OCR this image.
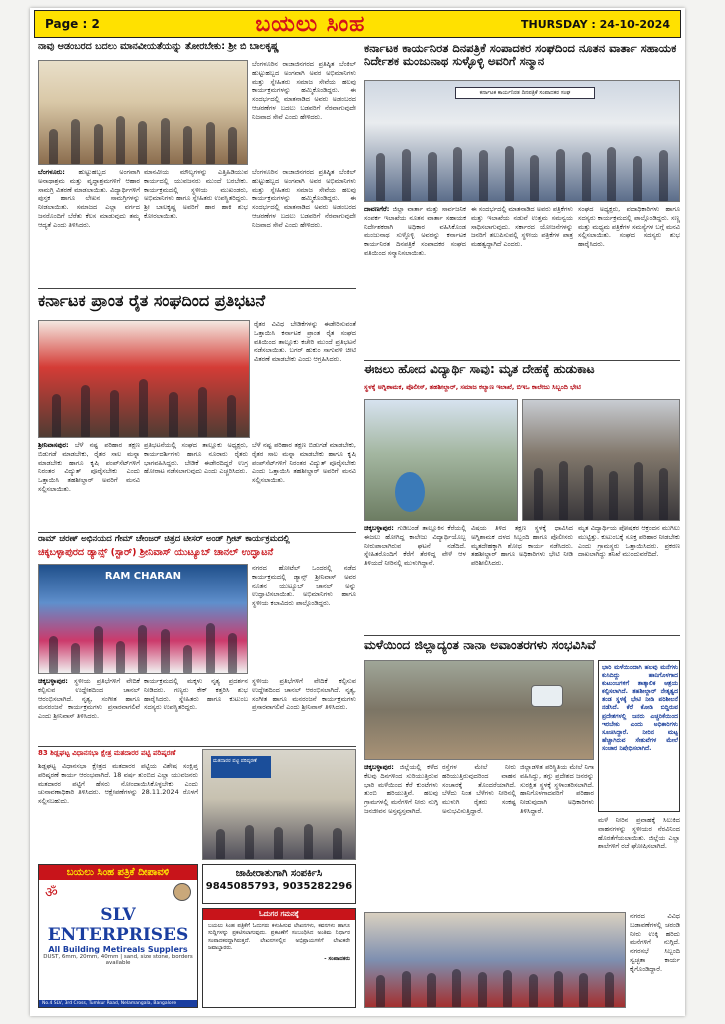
Page : 2	ಬಯಲು ಸಿಂಹ	THURSDAY : 24-10-2024
ನಾವು ಆಡಂಬರದ ಬದಲು ಮಾನವೀಯತೆಯನ್ನು ತೋರಬೇಕು: ಶ್ರೀ ಬಿ ಬಾಲಕೃಷ್ಣ
ಬೆಂಗಳೂರಿನ ರಾಜಾಜಿನಗರದ ಪ್ರತಿಷ್ಠಿತ ಬೆಂಕಿಲ್ ಹುಟ್ಟುಹಬ್ಬದ ಅಂಗವಾಗಿ ಅವರ ಅಭಿಮಾನಿಗಳು ಮತ್ತು ಸ್ನೇಹಿತರು ಸಮಾಜ ಸೇವೆಯ ಹಲವು ಕಾರ್ಯಕ್ರಮಗಳನ್ನು ಹಮ್ಮಿಕೊಂಡಿದ್ದರು. ಈ ಸಂದರ್ಭದಲ್ಲಿ ಮಾತನಾಡಿದ ಅವರು ಅಡಂಬರದ ಆಚರಣೆಗಳ ಬದಲು ಬಡವರಿಗೆ ನೆರವಾಗುವುದೇ ನಿಜವಾದ ಸೇವೆ ಎಂದು ಹೇಳಿದರು.
ಬೆಂಗಳೂರು: ಹುಟ್ಟುಹಬ್ಬದ ಅಂಗವಾಗಿ ಅನಾಥಾಶ್ರಮ ಮತ್ತು ವೃದ್ಧಾಶ್ರಮಗಳಿಗೆ ಆಹಾರ ಸಾಮಗ್ರಿ ವಿತರಣೆ ಮಾಡಲಾಯಿತು. ವಿದ್ಯಾರ್ಥಿಗಳಿಗೆ ಪುಸ್ತಕ ಹಾಗೂ ಲೇಖನ ಸಾಮಗ್ರಿಗಳನ್ನು ನೀಡಲಾಯಿತು. ಸಮಾಜದ ಎಲ್ಲಾ ವರ್ಗದ ಜನರೊಂದಿಗೆ ಬೆರೆತು ಕೆಲಸ ಮಾಡುವುದು ತಮ್ಮ ಆದ್ಯತೆ ಎಂದು ತಿಳಿಸಿದರು.
ಮಾನವೀಯ ಮೌಲ್ಯಗಳನ್ನು ಎತ್ತಿಹಿಡಿಯುವ ಕಾರ್ಯದಲ್ಲಿ ಯುವಜನರು ಮುಂದೆ ಬರಬೇಕು. ಕಾರ್ಯಕ್ರಮದಲ್ಲಿ ಸ್ಥಳೀಯ ಮುಖಂಡರು, ಅಭಿಮಾನಿಗಳು ಹಾಗೂ ಸ್ನೇಹಿತರು ಉಪಸ್ಥಿತರಿದ್ದರು. ಶ್ರೀ ಬಾಲಕೃಷ್ಣ ಅವರಿಗೆ ಹಾರ ಹಾಕಿ ಶುಭ ಕೋರಲಾಯಿತು.
ಬೆಂಗಳೂರಿನ ರಾಜಾಜಿನಗರದ ಪ್ರತಿಷ್ಠಿತ ಬೆಂಕಿಲ್ ಹುಟ್ಟುಹಬ್ಬದ ಅಂಗವಾಗಿ ಅವರ ಅಭಿಮಾನಿಗಳು ಮತ್ತು ಸ್ನೇಹಿತರು ಸಮಾಜ ಸೇವೆಯ ಹಲವು ಕಾರ್ಯಕ್ರಮಗಳನ್ನು ಹಮ್ಮಿಕೊಂಡಿದ್ದರು. ಈ ಸಂದರ್ಭದಲ್ಲಿ ಮಾತನಾಡಿದ ಅವರು ಅಡಂಬರದ ಆಚರಣೆಗಳ ಬದಲು ಬಡವರಿಗೆ ನೆರವಾಗುವುದೇ ನಿಜವಾದ ಸೇವೆ ಎಂದು ಹೇಳಿದರು.
ಕರ್ನಾಟಕ ಪ್ರಾಂತ ರೈತ ಸಂಘದಿಂದ ಪ್ರತಿಭಟನೆ
ರೈತರ ವಿವಿಧ ಬೇಡಿಕೆಗಳನ್ನು ಈಡೇರಿಸುವಂತೆ ಒತ್ತಾಯಿಸಿ ಕರ್ನಾಟಕ ಪ್ರಾಂತ ರೈತ ಸಂಘದ ವತಿಯಿಂದ ತಾಲ್ಲೂಕು ಕಚೇರಿ ಮುಂದೆ ಪ್ರತಿಭಟನೆ ನಡೆಸಲಾಯಿತು. ಬಗರ್ ಹುಕುಂ ಸಾಗುವಳಿ ಚೀಟಿ ವಿತರಣೆ ಮಾಡಬೇಕು ಎಂದು ಆಗ್ರಹಿಸಿದರು.
ಶ್ರೀನಿವಾಸಪುರ: ಬೆಳೆ ನಷ್ಟ ಪರಿಹಾರ ತಕ್ಷಣ ಬಿಡುಗಡೆ ಮಾಡಬೇಕು, ರೈತರ ಸಾಲ ಮನ್ನಾ ಮಾಡಬೇಕು ಹಾಗೂ ಕೃಷಿ ಪಂಪ್‌ಸೆಟ್‌ಗಳಿಗೆ ನಿರಂತರ ವಿದ್ಯುತ್ ಪೂರೈಸಬೇಕು ಎಂದು ಒತ್ತಾಯಿಸಿ ತಹಶೀಲ್ದಾರ್ ಅವರಿಗೆ ಮನವಿ ಸಲ್ಲಿಸಲಾಯಿತು.
ಪ್ರತಿಭಟನೆಯಲ್ಲಿ ಸಂಘದ ತಾಲ್ಲೂಕು ಅಧ್ಯಕ್ಷರು, ಕಾರ್ಯದರ್ಶಿಗಳು ಹಾಗೂ ನೂರಾರು ರೈತರು ಭಾಗವಹಿಸಿದ್ದರು. ಬೇಡಿಕೆ ಈಡೇರದಿದ್ದರೆ ಉಗ್ರ ಹೋರಾಟ ನಡೆಸಲಾಗುವುದು ಎಂದು ಎಚ್ಚರಿಸಿದರು.
ಬೆಳೆ ನಷ್ಟ ಪರಿಹಾರ ತಕ್ಷಣ ಬಿಡುಗಡೆ ಮಾಡಬೇಕು, ರೈತರ ಸಾಲ ಮನ್ನಾ ಮಾಡಬೇಕು ಹಾಗೂ ಕೃಷಿ ಪಂಪ್‌ಸೆಟ್‌ಗಳಿಗೆ ನಿರಂತರ ವಿದ್ಯುತ್ ಪೂರೈಸಬೇಕು ಎಂದು ಒತ್ತಾಯಿಸಿ ತಹಶೀಲ್ದಾರ್ ಅವರಿಗೆ ಮನವಿ ಸಲ್ಲಿಸಲಾಯಿತು.
ರಾಮ್ ಚರಣ್ ಅಭಿನಯದ ಗೇಮ್ ಚೇಂಜರ್ ಚಿತ್ರದ ಟೀಸರ್ ಅಂಡ್ ಗ್ರೀಟ್ ಕಾರ್ಯಕ್ರಮದಲ್ಲಿ
ಚಿಕ್ಕಬಳ್ಳಾಪುರದ ಡ್ಯಾನ್ಸ್ (ಸ್ಟಾರ್) ಶ್ರೀನಿವಾಸ್ ಯುಟ್ಯೂಬ್ ಚಾನಲ್ ಉದ್ಘಾಟನೆ
RAM CHARAN
ನಗರದ ಹೋಟೆಲ್ ಒಂದರಲ್ಲಿ ನಡೆದ ಕಾರ್ಯಕ್ರಮದಲ್ಲಿ ಡ್ಯಾನ್ಸ್ ಶ್ರೀನಿವಾಸ್ ಅವರ ನೂತನ ಯುಟ್ಯೂಬ್ ಚಾನಲ್ ಅನ್ನು ಉದ್ಘಾಟಿಸಲಾಯಿತು. ಅಭಿಮಾನಿಗಳು ಹಾಗೂ ಸ್ಥಳೀಯ ಕಲಾವಿದರು ಪಾಲ್ಗೊಂಡಿದ್ದರು.
ಚಿಕ್ಕಬಳ್ಳಾಪುರ: ಸ್ಥಳೀಯ ಪ್ರತಿಭೆಗಳಿಗೆ ವೇದಿಕೆ ಕಲ್ಪಿಸುವ ಉದ್ದೇಶದಿಂದ ಚಾನಲ್ ಆರಂಭಿಸಲಾಗಿದೆ. ನೃತ್ಯ, ಸಂಗೀತ ಹಾಗೂ ಮನರಂಜನೆ ಕಾರ್ಯಕ್ರಮಗಳು ಪ್ರಸಾರವಾಗಲಿವೆ ಎಂದು ಶ್ರೀನಿವಾಸ್ ತಿಳಿಸಿದರು.
ಕಾರ್ಯಕ್ರಮದಲ್ಲಿ ಮಕ್ಕಳು ನೃತ್ಯ ಪ್ರದರ್ಶನ ನೀಡಿದರು. ಗಣ್ಯರು ಕೇಕ್ ಕತ್ತರಿಸಿ ಶುಭ ಹಾರೈಸಿದರು. ಸ್ನೇಹಿತರು ಹಾಗೂ ಕುಟುಂಬ ಸದಸ್ಯರು ಉಪಸ್ಥಿತರಿದ್ದರು.
ಸ್ಥಳೀಯ ಪ್ರತಿಭೆಗಳಿಗೆ ವೇದಿಕೆ ಕಲ್ಪಿಸುವ ಉದ್ದೇಶದಿಂದ ಚಾನಲ್ ಆರಂಭಿಸಲಾಗಿದೆ. ನೃತ್ಯ, ಸಂಗೀತ ಹಾಗೂ ಮನರಂಜನೆ ಕಾರ್ಯಕ್ರಮಗಳು ಪ್ರಸಾರವಾಗಲಿವೆ ಎಂದು ಶ್ರೀನಿವಾಸ್ ತಿಳಿಸಿದರು.
83 ಶಿಡ್ಲಘಟ್ಟ ವಿಧಾನಸಭಾ ಕ್ಷೇತ್ರ ಮತದಾರರ ಪಟ್ಟಿ ಪರಿಷ್ಕರಣೆ
ಶಿಡ್ಲಘಟ್ಟ ವಿಧಾನಸಭಾ ಕ್ಷೇತ್ರದ ಮತದಾರರ ಪಟ್ಟಿಯ ವಿಶೇಷ ಸಂಕ್ಷಿಪ್ತ ಪರಿಷ್ಕರಣೆ ಕಾರ್ಯ ಆರಂಭವಾಗಿದೆ. 18 ವರ್ಷ ತುಂಬಿದ ಎಲ್ಲಾ ಯುವಜನರು ಮತದಾರರ ಪಟ್ಟಿಗೆ ಹೆಸರು ನೋಂದಾಯಿಸಿಕೊಳ್ಳಬೇಕು ಎಂದು ಚುನಾವಣಾಧಿಕಾರಿ ತಿಳಿಸಿದರು. ಆಕ್ಷೇಪಣೆಗಳನ್ನು 28.11.2024 ರೊಳಗೆ ಸಲ್ಲಿಸಬಹುದು.
ಮತದಾರರ ಪಟ್ಟಿ ಪರಿಷ್ಕರಣೆ
ಬಯಲು ಸಿಂಹ ಪತ್ರಿಕೆ ದೀಪಾವಳಿ
ॐ
SLV ENTERPRISES
All Building Metireals Supplers
DUST, 6mm, 20mm, 40mm | sand, size stone, borders available
No.4 SLV, 3rd Cross, Tumkur Road, Nelamangala, Bangalore
ಜಾಹೀರಾತುಗಾಗಿ ಸಂಪರ್ಕಿಸಿ
9845085793, 9035282296
ಓದುಗರ ಗಮನಕ್ಕೆ
ಬಯಲು ಸಿಂಹ ಪತ್ರಿಕೆಗೆ ಓದುಗರು ಕಳುಹಿಸುವ ಲೇಖನಗಳು, ಕವನಗಳು ಹಾಗೂ ಸುದ್ದಿಗಳನ್ನು ಪ್ರಕಟಿಸಲಾಗುವುದು. ಪ್ರಕಟಣೆಗೆ ಸಂಬಂಧಿಸಿದ ಅಂತಿಮ ನಿರ್ಧಾರ ಸಂಪಾದಕರದ್ದಾಗಿರುತ್ತದೆ. ಲೇಖನಗಳಲ್ಲಿನ ಅಭಿಪ್ರಾಯಗಳಿಗೆ ಲೇಖಕರೇ ಜವಾಬ್ದಾರರು.
- ಸಂಪಾದಕರು
ಕರ್ನಾಟಕ ಕಾರ್ಯನಿರತ ದಿನಪತ್ರಿಕೆ ಸಂಪಾದಕರ ಸಂಘದಿಂದ ನೂತನ ವಾರ್ತಾ ಸಹಾಯಕ ನಿರ್ದೇಶಕ ಮಂಜುನಾಥ ಸುಳ್ಳೊಳ್ಳಿ ಅವರಿಗೆ ಸನ್ಮಾನ
ಕರ್ನಾಟಕ ಕಾರ್ಯನಿರತ ದಿನಪತ್ರಿಕೆ ಸಂಪಾದಕರ ಸಂಘ
ದಾವಣಗೆರೆ: ಜಿಲ್ಲಾ ವಾರ್ತಾ ಮತ್ತು ಸಾರ್ವಜನಿಕ ಸಂಪರ್ಕ ಇಲಾಖೆಯ ನೂತನ ವಾರ್ತಾ ಸಹಾಯಕ ನಿರ್ದೇಶಕರಾಗಿ ಅಧಿಕಾರ ವಹಿಸಿಕೊಂಡ ಮಂಜುನಾಥ ಸುಳ್ಳೊಳ್ಳಿ ಅವರನ್ನು ಕರ್ನಾಟಕ ಕಾರ್ಯನಿರತ ದಿನಪತ್ರಿಕೆ ಸಂಪಾದಕರ ಸಂಘದ ವತಿಯಿಂದ ಸನ್ಮಾನಿಸಲಾಯಿತು.
ಈ ಸಂದರ್ಭದಲ್ಲಿ ಮಾತನಾಡಿದ ಅವರು ಪತ್ರಿಕೆಗಳು ಮತ್ತು ಇಲಾಖೆಯ ನಡುವೆ ಉತ್ತಮ ಸಮನ್ವಯ ಸಾಧಿಸಲಾಗುವುದು. ಸರ್ಕಾರದ ಯೋಜನೆಗಳನ್ನು ಜನರಿಗೆ ತಲುಪಿಸುವಲ್ಲಿ ಸ್ಥಳೀಯ ಪತ್ರಿಕೆಗಳ ಪಾತ್ರ ಮಹತ್ವದ್ದಾಗಿದೆ ಎಂದರು.
ಸಂಘದ ಅಧ್ಯಕ್ಷರು, ಪದಾಧಿಕಾರಿಗಳು ಹಾಗೂ ಸದಸ್ಯರು ಕಾರ್ಯಕ್ರಮದಲ್ಲಿ ಪಾಲ್ಗೊಂಡಿದ್ದರು. ಸಣ್ಣ ಮತ್ತು ಮಧ್ಯಮ ಪತ್ರಿಕೆಗಳ ಸಮಸ್ಯೆಗಳ ಬಗ್ಗೆ ಮನವಿ ಸಲ್ಲಿಸಲಾಯಿತು. ಸಂಘದ ಸದಸ್ಯರು ಶುಭ ಹಾರೈಸಿದರು.
ಈಜಲು ಹೋದ ವಿದ್ಯಾರ್ಥಿ ಸಾವು: ಮೃತ ದೇಹಕ್ಕೆ ಹುಡುಕಾಟ
ಸ್ಥಳಕ್ಕೆ ಅಗ್ನಿಶಾಮಕ, ಪೊಲೀಸ್, ತಹಶೀಲ್ದಾರ್, ಸಮಾಜ ಕಲ್ಯಾಣ ಇಲಾಖೆ, ಬಿಇಒ ಕಾಲೇಜು ಸಿಬ್ಬಂದಿ ಭೇಟಿ
ಚಿಕ್ಕಬಳ್ಳಾಪುರ: ಗುಡಿಬಂಡೆ ತಾಲ್ಲೂಕಿನ ಕೆರೆಯಲ್ಲಿ ಈಜಲು ಹೋಗಿದ್ದ ಕಾಲೇಜು ವಿದ್ಯಾರ್ಥಿಯೊಬ್ಬ ನೀರುಪಾಲಾಗಿರುವ ಘಟನೆ ನಡೆದಿದೆ. ಸ್ನೇಹಿತರೊಂದಿಗೆ ಕೆರೆಗೆ ತೆರಳಿದ್ದ ವೇಳೆ ಆಳ ತಿಳಿಯದೆ ನೀರಿನಲ್ಲಿ ಮುಳುಗಿದ್ದಾನೆ.
ವಿಷಯ ತಿಳಿದ ತಕ್ಷಣ ಸ್ಥಳಕ್ಕೆ ಧಾವಿಸಿದ ಅಗ್ನಿಶಾಮಕ ದಳದ ಸಿಬ್ಬಂದಿ ಹಾಗೂ ಪೊಲೀಸರು ಮೃತದೇಹಕ್ಕಾಗಿ ಶೋಧ ಕಾರ್ಯ ನಡೆಸಿದರು. ತಹಶೀಲ್ದಾರ್ ಹಾಗೂ ಅಧಿಕಾರಿಗಳು ಭೇಟಿ ನೀಡಿ ಪರಿಶೀಲಿಸಿದರು.
ಮೃತ ವಿದ್ಯಾರ್ಥಿಯ ಪೋಷಕರ ಆಕ್ರಂದನ ಮುಗಿಲು ಮುಟ್ಟಿತ್ತು. ಕುಟುಂಬಕ್ಕೆ ಸೂಕ್ತ ಪರಿಹಾರ ನೀಡಬೇಕು ಎಂದು ಗ್ರಾಮಸ್ಥರು ಒತ್ತಾಯಿಸಿದರು. ಪ್ರಕರಣ ದಾಖಲಾಗಿದ್ದು ತನಿಖೆ ಮುಂದುವರೆದಿದೆ.
ಮಳೆಯಿಂದ ಜಿಲ್ಲಾದ್ಯಂತ ನಾನಾ ಅವಾಂತರಗಳು ಸಂಭವಿಸಿವೆ
ಭಾರಿ ಮಳೆಯಿಂದಾಗಿ ಹಲವು ಮನೆಗಳು ಕುಸಿದಿದ್ದು ಹಾನಿಗೊಳಗಾದ ಕುಟುಂಬಗಳಿಗೆ ತಾತ್ಕಾಲಿಕ ಆಶ್ರಯ ಕಲ್ಪಿಸಲಾಗಿದೆ. ತಹಶೀಲ್ದಾರ್ ನೇತೃತ್ವದ ತಂಡ ಸ್ಥಳಕ್ಕೆ ಭೇಟಿ ನೀಡಿ ಪರಿಶೀಲನೆ ನಡೆಸಿದೆ. ಕೆರೆ ಕೋಡಿ ಬಿದ್ದಿರುವ ಪ್ರದೇಶಗಳಲ್ಲಿ ಜನರು ಎಚ್ಚರಿಕೆಯಿಂದ ಇರಬೇಕು ಎಂದು ಅಧಿಕಾರಿಗಳು ಸೂಚಿಸಿದ್ದಾರೆ. ನೀರಿನ ಮಟ್ಟ ಹೆಚ್ಚಾಗಿರುವ ಸೇತುವೆಗಳ ಮೇಲೆ ಸಂಚಾರ ನಿಷೇಧಿಸಲಾಗಿದೆ.
ಚಿಕ್ಕಬಳ್ಳಾಪುರ: ಜಿಲ್ಲೆಯಲ್ಲಿ ಕಳೆದ ಕೆಲವು ದಿನಗಳಿಂದ ಸುರಿಯುತ್ತಿರುವ ಭಾರಿ ಮಳೆಯಿಂದ ಕೆರೆ ಕುಂಟೆಗಳು ತುಂಬಿ ಹರಿಯುತ್ತಿವೆ. ಹಲವು ಗ್ರಾಮಗಳಲ್ಲಿ ಮನೆಗಳಿಗೆ ನೀರು ನುಗ್ಗಿ ಜನಜೀವನ ಅಸ್ತವ್ಯಸ್ತವಾಗಿದೆ.
ರಸ್ತೆಗಳ ಮೇಲೆ ನೀರು ಹರಿಯುತ್ತಿರುವುದರಿಂದ ವಾಹನ ಸಂಚಾರಕ್ಕೆ ತೊಂದರೆಯಾಗಿದೆ. ಬೆಳೆದು ನಿಂತ ಬೆಳೆಗಳು ನೀರಿನಲ್ಲಿ ಮುಳುಗಿ ರೈತರು ಸಂಕಷ್ಟ ಅನುಭವಿಸುತ್ತಿದ್ದಾರೆ.
ಜಿಲ್ಲಾಡಳಿತ ಪರಿಸ್ಥಿತಿಯ ಮೇಲೆ ನಿಗಾ ವಹಿಸಿದ್ದು, ತಗ್ಗು ಪ್ರದೇಶದ ಜನರನ್ನು ಸುರಕ್ಷಿತ ಸ್ಥಳಕ್ಕೆ ಸ್ಥಳಾಂತರಿಸಲಾಗಿದೆ. ಹಾನಿಗೊಳಗಾದವರಿಗೆ ಪರಿಹಾರ ನೀಡುವುದಾಗಿ ಅಧಿಕಾರಿಗಳು ತಿಳಿಸಿದ್ದಾರೆ.
ಮಳೆ ನೀರಿನ ಪ್ರವಾಹಕ್ಕೆ ಸಿಲುಕಿದ ವಾಹನಗಳನ್ನು ಸ್ಥಳೀಯರ ನೆರವಿನಿಂದ ಹೊರತೆಗೆಯಲಾಯಿತು. ಜಿಲ್ಲೆಯ ಎಲ್ಲಾ ಶಾಲೆಗಳಿಗೆ ರಜೆ ಘೋಷಿಸಲಾಗಿದೆ.
ನಗರದ ವಿವಿಧ ಬಡಾವಣೆಗಳಲ್ಲಿ ಚರಂಡಿ ನೀರು ಉಕ್ಕಿ ಹರಿದು ಮನೆಗಳಿಗೆ ನುಗ್ಗಿದೆ. ನಗರಸಭೆ ಸಿಬ್ಬಂದಿ ಸ್ವಚ್ಛತಾ ಕಾರ್ಯ ಕೈಗೊಂಡಿದ್ದಾರೆ.
